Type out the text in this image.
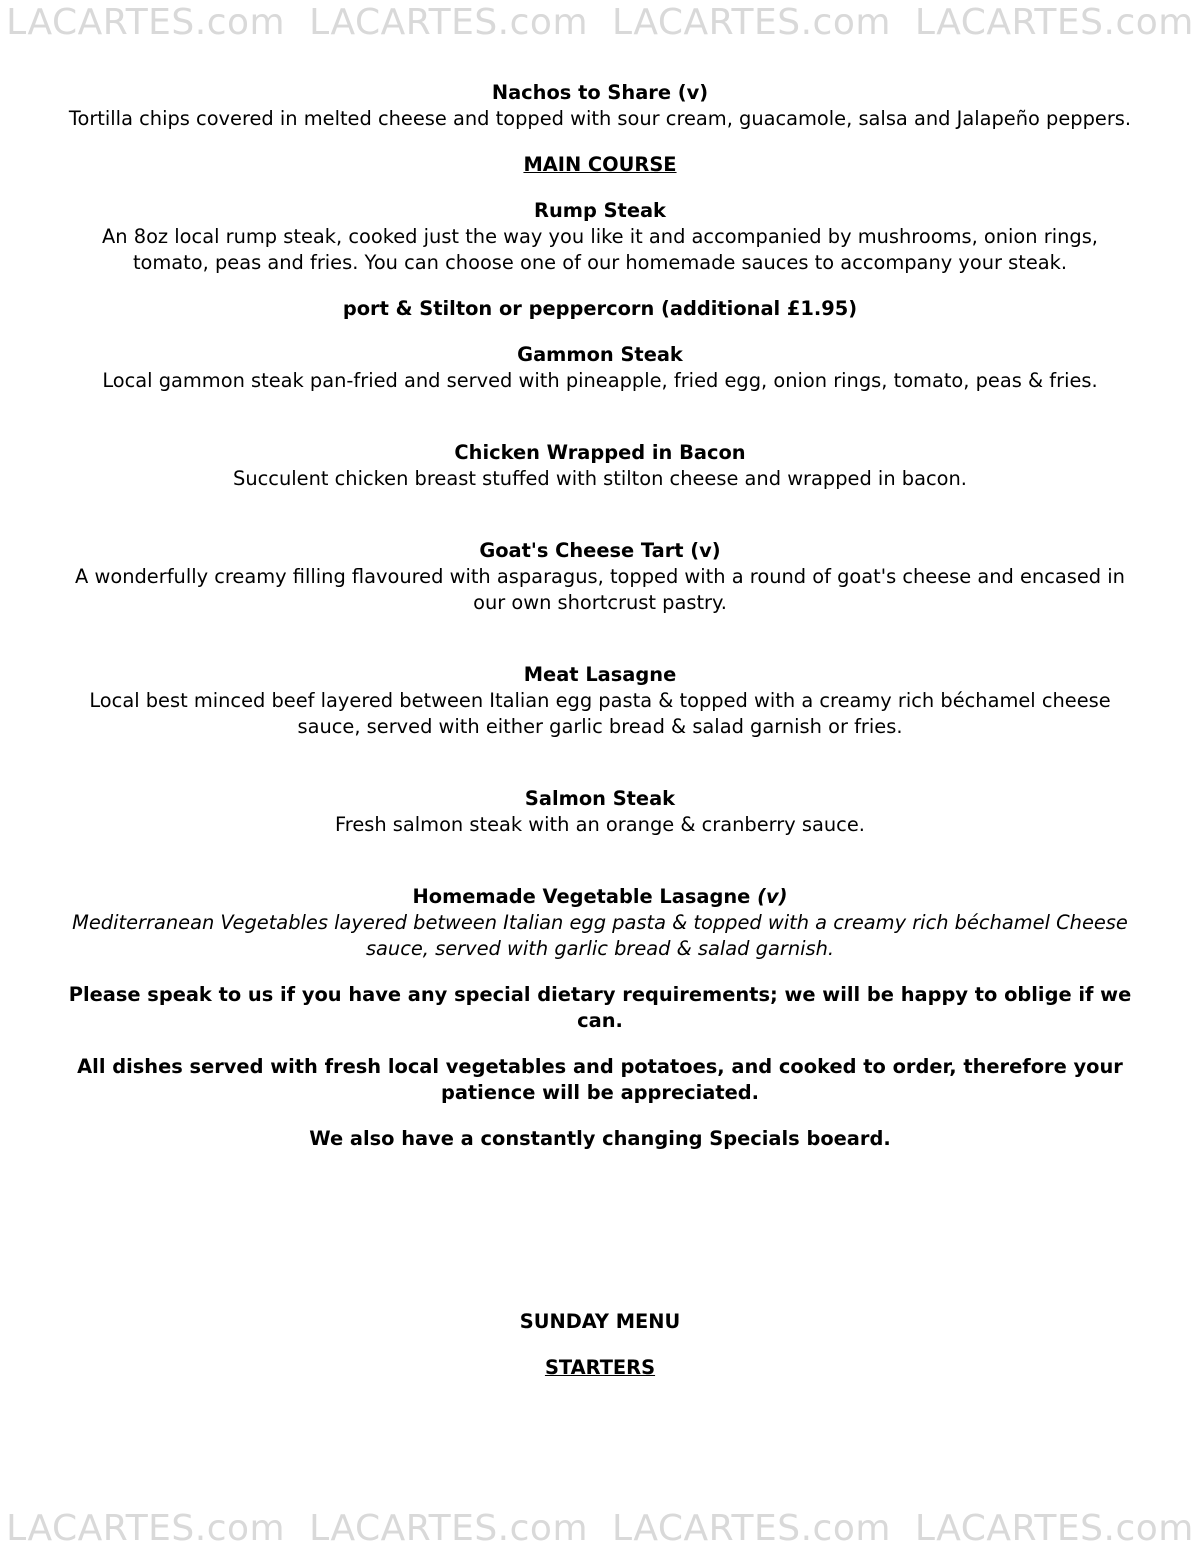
LACARTES.com LACARTES.com LACARTES.com LACARTES.com

Nachos to Share (v)

Tortilla chips covered in melted cheese and topped with sour cream, guacamole, salsa and Jalapeño peppers.

MAIN COURSE

Rump Steak

An 8oz local rump steak, cooked just the way you like it and accompanied by mushrooms, onion rings,

tomato, peas and fries. You can choose one of our homemade sauces to accompany your steak.

port & Stilton or peppercorn (additional £1.95)

Gammon Steak

Local gammon steak pan-fried and served with pineapple, fried egg, onion rings, tomato, peas & fries.

Chicken Wrapped in Bacon

Succulent chicken breast stuffed with stilton cheese and wrapped in bacon.

Goat's Cheese Tart (v)

A wonderfully creamy filling flavoured with asparagus, topped with a round of goat's cheese and encased in

our own shortcrust pastry.

Meat Lasagne

Local best minced beef layered between Italian egg pasta & topped with a creamy rich béchamel cheese

sauce, served with either garlic bread & salad garnish or fries.

Salmon Steak

Fresh salmon steak with an orange & cranberry sauce.

Homemade Vegetable Lasagne (v)

Mediterranean Vegetables layered between Italian egg pasta & topped with a creamy rich béchamel Cheese

sauce, served with garlic bread & salad garnish.

Please speak to us if you have any special dietary requirements; we will be happy to oblige if we

can.

All dishes served with fresh local vegetables and potatoes, and cooked to order, therefore your

patience will be appreciated.

We also have a constantly changing Specials boeard.

SUNDAY MENU

STARTERS

LACARTES.com LACARTES.com LACARTES.com LACARTES.com
